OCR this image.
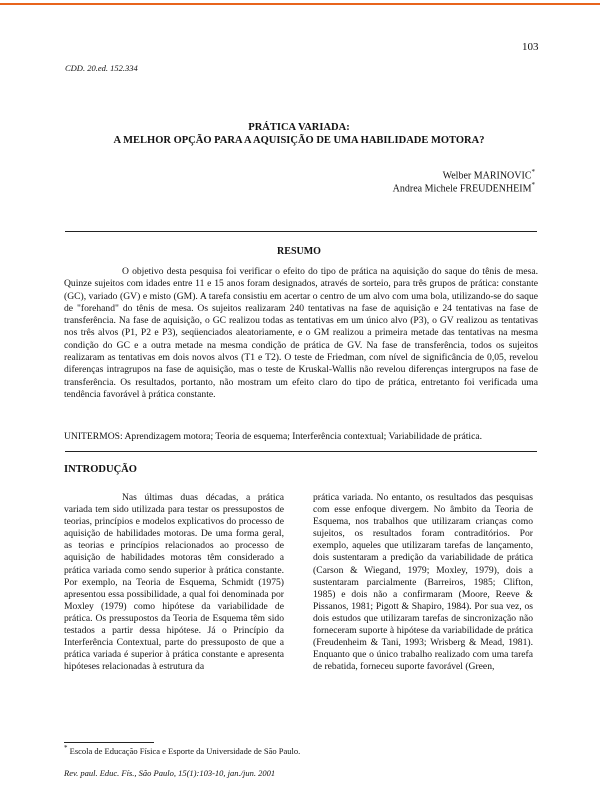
103
CDD. 20.ed. 152.334
PRÁTICA VARIADA:
A MELHOR OPÇÃO PARA A AQUISIÇÃO DE UMA HABILIDADE MOTORA?
Welber MARINOVIC*
Andrea Michele FREUDENHEIM*
RESUMO

O objetivo desta pesquisa foi verificar o efeito do tipo de prática na aquisição do saque do tênis de mesa. Quinze sujeitos com idades entre 11 e 15 anos foram designados, através de sorteio, para três grupos de prática: constante (GC), variado (GV) e misto (GM). A tarefa consistiu em acertar o centro de um alvo com uma bola, utilizando-se do saque de "forehand" do tênis de mesa. Os sujeitos realizaram 240 tentativas na fase de aquisição e 24 tentativas na fase de transferência. Na fase de aquisição, o GC realizou todas as tentativas em um único alvo (P3), o GV realizou as tentativas nos três alvos (P1, P2 e P3), seqüenciados aleatoriamente, e o GM realizou a primeira metade das tentativas na mesma condição do GC e a outra metade na mesma condição de prática de GV. Na fase de transferência, todos os sujeitos realizaram as tentativas em dois novos alvos (T1 e T2). O teste de Friedman, com nível de significância de 0,05, revelou diferenças intragrupos na fase de aquisição, mas o teste de Kruskal-Wallis não revelou diferenças intergrupos na fase de transferência. Os resultados, portanto, não mostram um efeito claro do tipo de prática, entretanto foi verificada uma tendência favorável à prática constante.

UNITERMOS: Aprendizagem motora; Teoria de esquema; Interferência contextual; Variabilidade de prática.
INTRODUÇÃO

Nas últimas duas décadas, a prática variada tem sido utilizada para testar os pressupostos de teorias, princípios e modelos explicativos do processo de aquisição de habilidades motoras. De uma forma geral, as teorias e princípios relacionados ao processo de aquisição de habilidades motoras têm considerado a prática variada como sendo superior à prática constante. Por exemplo, na Teoria de Esquema, Schmidt (1975) apresentou essa possibilidade, a qual foi denominada por Moxley (1979) como hipótese da variabilidade de prática. Os pressupostos da Teoria de Esquema têm sido testados a partir dessa hipótese. Já o Princípio da Interferência Contextual, parte do pressuposto de que a prática variada é superior à prática constante e apresenta hipóteses relacionadas à estrutura da

prática variada. No entanto, os resultados das pesquisas com esse enfoque divergem. No âmbito da Teoria de Esquema, nos trabalhos que utilizaram crianças como sujeitos, os resultados foram contraditórios. Por exemplo, aqueles que utilizaram tarefas de lançamento, dois sustentaram a predição da variabilidade de prática (Carson & Wiegand, 1979; Moxley, 1979), dois a sustentaram parcialmente (Barreiros, 1985; Clifton, 1985) e dois não a confirmaram (Moore, Reeve & Pissanos, 1981; Pigott & Shapiro, 1984). Por sua vez, os dois estudos que utilizaram tarefas de sincronização não forneceram suporte à hipótese da variabilidade de prática (Freudenheim & Tani, 1993; Wrisberg & Mead, 1981). Enquanto que o único trabalho realizado com uma tarefa de rebatida, forneceu suporte favorável (Green,

* Escola de Educação Física e Esporte da Universidade de São Paulo.
Rev. paul. Educ. Fís., São Paulo, 15(1):103-10, jan./jun. 2001
